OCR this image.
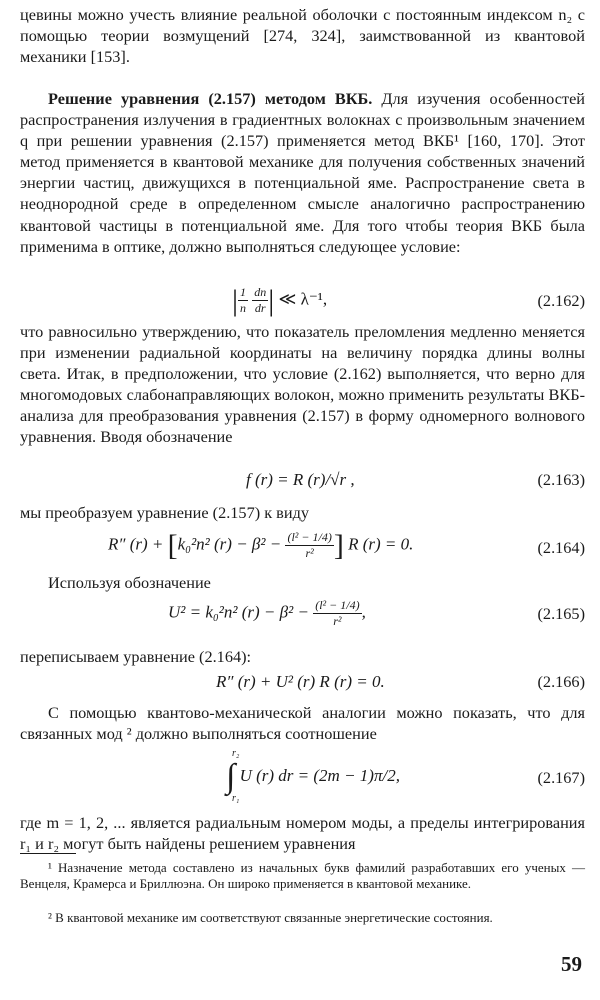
цевины можно учесть влияние реальной оболочки с постоянным индексом n₂ с помощью теории возмущений [274, 324], заимствованной из квантовой механики [153].

Решение уравнения (2.157) методом ВКБ. Для изучения особенностей распространения излучения в градиентных волокнах с произвольным значением q при решении уравнения (2.157) применяется метод ВКБ¹ [160, 170]. Этот метод применяется в квантовой механике для получения собственных значений энергии частиц, движущихся в потенциальной яме. Распространение света в неоднородной среде в определенном смысле аналогично распространению квантовой частицы в потенциальной яме. Для того чтобы теория ВКБ была применима в оптике, должно выполняться следующее условие:

| $\frac{1}{n}$
$\frac{dn}{dr}$ | ≪ λ⁻¹,	(2.162)

что равносильно утверждению, что показатель преломления медленно меняется при изменении радиальной координаты на величину порядка длины волны света. Итак, в предположении, что условие (2.162) выполняется, что верно для многомодовых слабонаправляющих волокон, можно применить результаты ВКБ-анализа для преобразования уравнения (2.157) в форму одномерного волнового уравнения. Вводя обозначение

f (r) = R (r)/√r ,	(2.163)

мы преобразуем уравнение (2.157) к виду

R″ (r) + [k₀²n² $(r) - \beta^2 - \frac{\text{(l² − 1/4)}}{\text{r²}}$ ] R (r) = 0.	(2.164)

Используя обозначение

U² = k₀²n² $(r) - \beta^2 - \frac{\text{(l² − 1/4)}}{\text{r²}}$ ,	(2.165)

переписываем уравнение (2.164):

R″ (r) + U² (r) R (r) = 0.	(2.166)

С помощью квантово-механической аналогии можно показать, что для связанных мод ² должно выполняться соотношение

∫
r₂
r₁
U (r) dr = (2m − 1)π/2,	(2.167)

где m = 1, 2, ... является радиальным номером моды, а пределы интегрирования r₁ и r₂ могут быть найдены решением уравнения

¹ Назначение метода составлено из начальных букв фамилий разработавших его ученых — Венцеля, Крамерса и Бриллюэна. Он широко применяется в квантовой механике.

² В квантовой механике им соответствуют связанные энергетические состояния.

59
